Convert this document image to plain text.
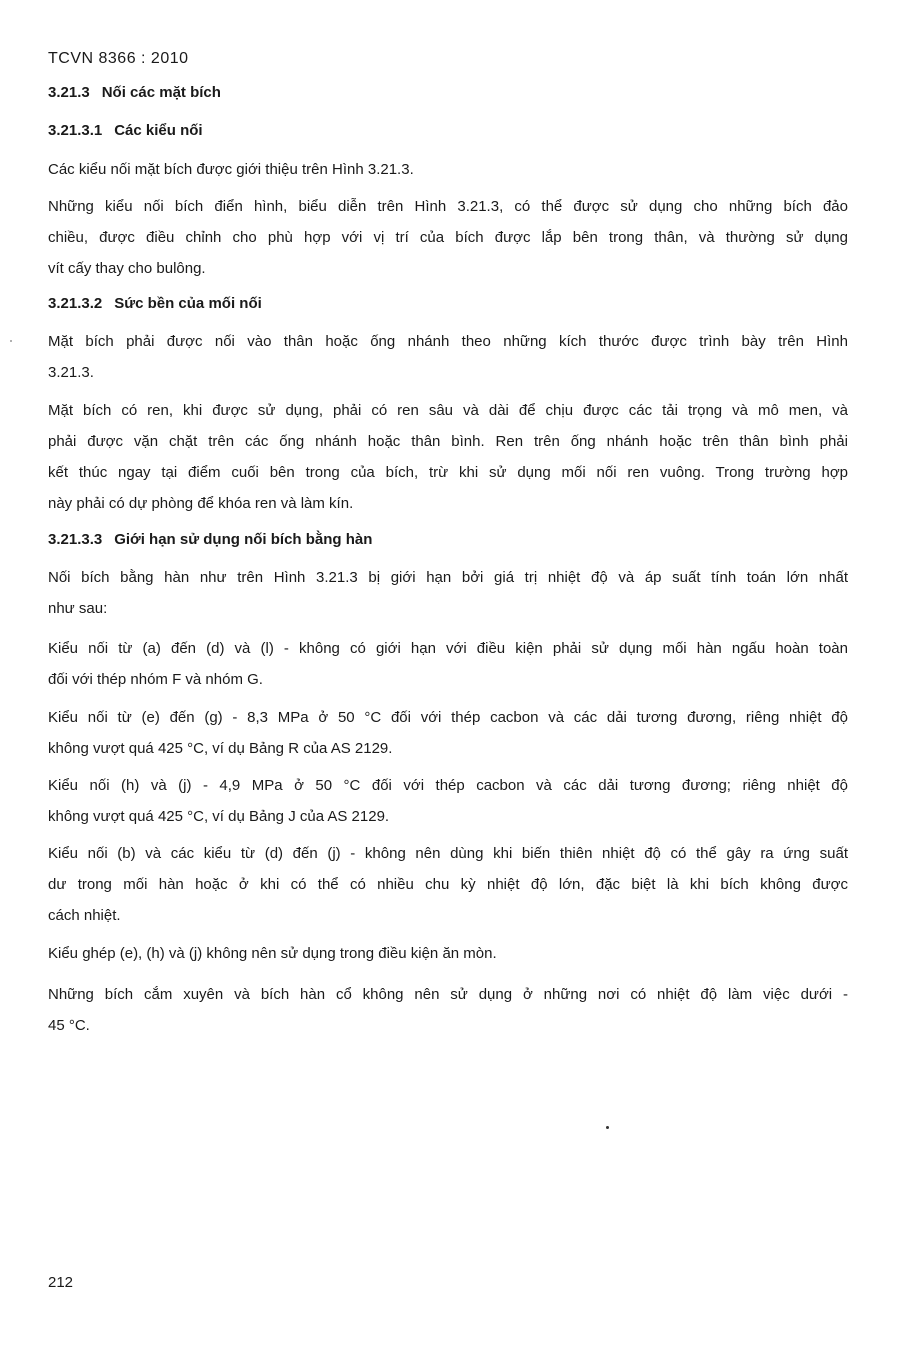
TCVN 8366 : 2010
3.21.3 Nối các mặt bích
3.21.3.1 Các kiểu nối
Các kiểu nối mặt bích được giới thiệu trên Hình 3.21.3.
Những kiểu nối bích điển hình, biểu diễn trên Hình 3.21.3, có thể được sử dụng cho những bích đảo
chiều, được điều chỉnh cho phù hợp với vị trí của bích được lắp bên trong thân, và thường sử dụng
vít cấy thay cho bulông.
3.21.3.2 Sức bền của mối nối
Mặt bích phải được nối vào thân hoặc ống nhánh theo những kích thước được trình bày trên Hình
3.21.3.
Mặt bích có ren, khi được sử dụng, phải có ren sâu và dài để chịu được các tải trọng và mô men, và
phải được vặn chặt trên các ống nhánh hoặc thân bình. Ren trên ống nhánh hoặc trên thân bình phải
kết thúc ngay tại điểm cuối bên trong của bích, trừ khi sử dụng mối nối ren vuông. Trong trường hợp
này phải có dự phòng để khóa ren và làm kín.
3.21.3.3 Giới hạn sử dụng nối bích bằng hàn
Nối bích bằng hàn như trên Hình 3.21.3 bị giới hạn bởi giá trị nhiệt độ và áp suất tính toán lớn nhất
như sau:
Kiểu nối từ (a) đến (d) và (l) - không có giới hạn với điều kiện phải sử dụng mối hàn ngấu hoàn toàn
đối với thép nhóm F và nhóm G.
Kiểu nối từ (e) đến (g) - 8,3 MPa ở 50 °C đối với thép cacbon và các dải tương đương, riêng nhiệt độ
không vượt quá 425 °C, ví dụ Bảng R của AS 2129.
Kiểu nối (h) và (j) - 4,9 MPa ở 50 °C đối với thép cacbon và các dải tương đương; riêng nhiệt độ
không vượt quá 425 °C, ví dụ Bảng J của AS 2129.
Kiểu nối (b) và các kiểu từ (d) đến (j) - không nên dùng khi biến thiên nhiệt độ có thể gây ra ứng suất
dư trong mối hàn hoặc ở khi có thể có nhiều chu kỳ nhiệt độ lớn, đặc biệt là khi bích không được
cách nhiệt.
Kiểu ghép (e), (h) và (j) không nên sử dụng trong điều kiện ăn mòn.
Những bích cắm xuyên và bích hàn cổ không nên sử dụng ở những nơi có nhiệt độ làm việc dưới -
45 °C.
212
